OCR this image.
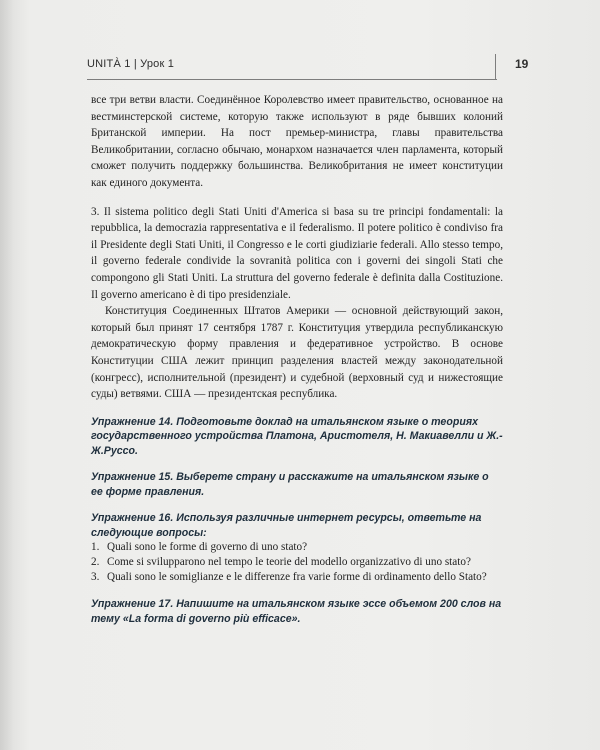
UNITÀ 1 | Урок 1	19

все три ветви власти. Соединённое Королевство имеет правительство, основанное на вестминстерской системе, которую также используют в ряде бывших колоний Британской империи. На пост премьер-министра, главы правительства Великобритании, согласно обычаю, монархом назначается член парламента, который сможет получить поддержку большинства. Великобритания не имеет конституции как единого документа.

3. Il sistema politico degli Stati Uniti d'America si basa su tre principi fondamentali: la repubblica, la democrazia rappresentativa e il federalismo. Il potere politico è condiviso fra il Presidente degli Stati Uniti, il Congresso e le corti giudiziarie federali. Allo stesso tempo, il governo federale condivide la sovranità politica con i governi dei singoli Stati che compongono gli Stati Uniti. La struttura del governo federale è definita dalla Costituzione. Il governo americano è di tipo presidenziale.

Конституция Соединенных Штатов Америки — основной действующий закон, который был принят 17 сентября 1787 г. Конституция утвердила республиканскую демократическую форму правления и федеративное устройство. В основе Конституции США лежит принцип разделения властей между законодательной (конгресс), исполнительной (президент) и судебной (верховный суд и нижестоящие суды) ветвями. США — президентская республика.

Упражнение 14. Подготовьте доклад на итальянском языке о теориях государственного устройства Платона, Аристотеля, Н. Макиавелли и Ж.-Ж.Руссо.

Упражнение 15. Выберете страну и расскажите на итальянском языке о ее форме правления.

Упражнение 16. Используя различные интернет ресурсы, ответьте на следующие вопросы:

1. Quali sono le forme di governo di uno stato?
2. Come si svilupparono nel tempo le teorie del modello organizzativo di uno stato?
3. Quali sono le somiglianze e le differenze fra varie forme di ordinamento dello Stato?

Упражнение 17. Напишите на итальянском языке эссе объемом 200 слов на тему «La forma di governo più efficace».
